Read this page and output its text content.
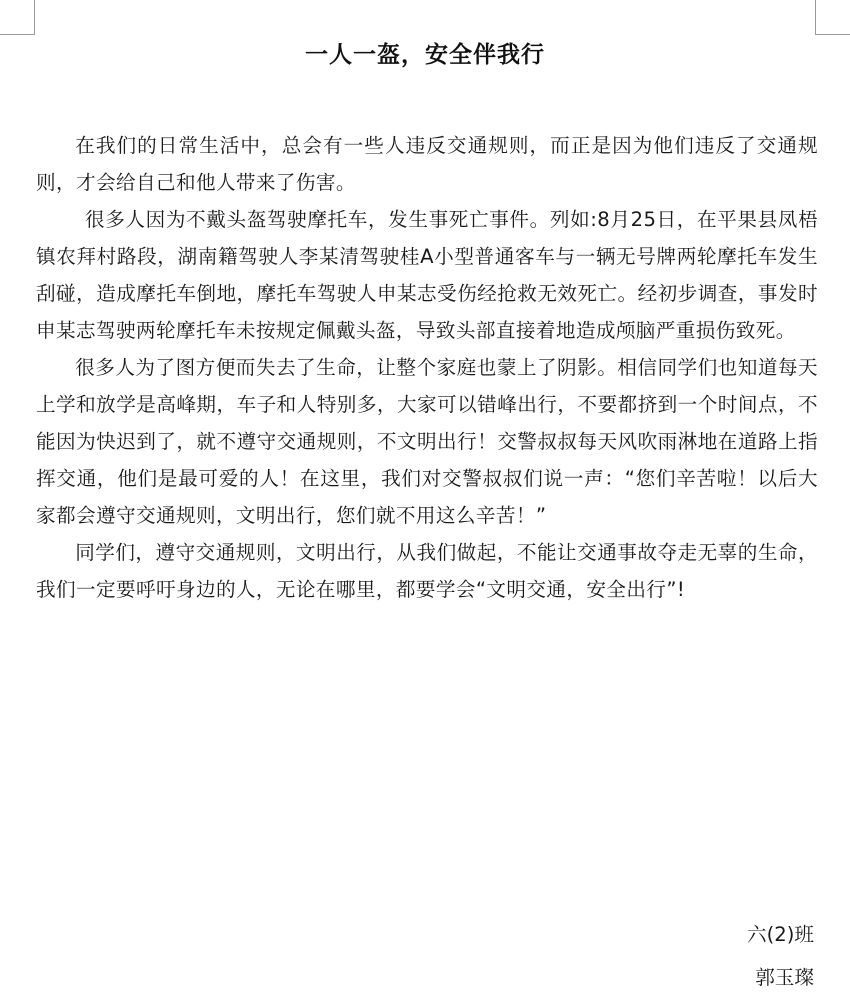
一人一盔，安全伴我行

在我们的日常生活中，总会有一些人违反交通规则，而正是因为他们违反了交通规则，才会给自己和他人带来了伤害。

很多人因为不戴头盔驾驶摩托车，发生事死亡事件。列如:8月25日，在平果县凤梧镇农拜村路段，湖南籍驾驶人李某清驾驶桂A小型普通客车与一辆无号牌两轮摩托车发生刮碰，造成摩托车倒地，摩托车驾驶人申某志受伤经抢救无效死亡。经初步调查，事发时申某志驾驶两轮摩托车未按规定佩戴头盔，导致头部直接着地造成颅脑严重损伤致死。

很多人为了图方便而失去了生命，让整个家庭也蒙上了阴影。相信同学们也知道每天上学和放学是高峰期，车子和人特别多，大家可以错峰出行，不要都挤到一个时间点，不能因为快迟到了，就不遵守交通规则，不文明出行！交警叔叔每天风吹雨淋地在道路上指挥交通，他们是最可爱的人！在这里，我们对交警叔叔们说一声：“您们辛苦啦！以后大家都会遵守交通规则，文明出行，您们就不用这么辛苦！”

同学们，遵守交通规则，文明出行，从我们做起，不能让交通事故夺走无辜的生命，我们一定要呼吁身边的人，无论在哪里，都要学会“文明交通，安全出行”!

六(2)班
郭玉璨
